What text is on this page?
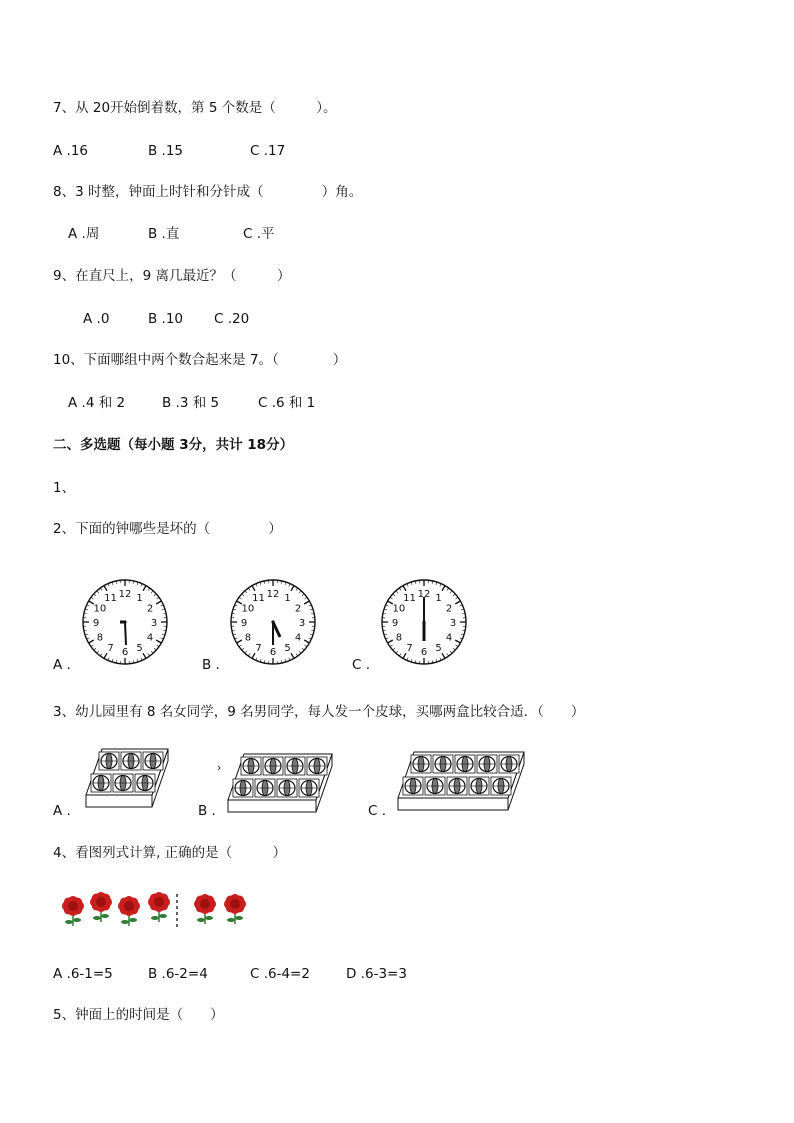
7、从 20开始倒着数，第 5 个数是（　　　）。
A .16	B .15	C .17
8、3 时整，钟面上时针和分针成（　　　　 ）角。
A .周	B .直	C .平
9、在直尺上，9 离几最近？（　　　）
A .0	B .10 C .20
10、下面哪组中两个数合起来是 7。（　　　　）
A .4 和 2	B .3 和 5	C .6 和 1
二、多选题（每小题 3分，共计 18分）
1、
2、下面的钟哪些是坏的（　　　　 ）
12 1
2
3
4
5
6
7
8
9
10
11
A .
12 1
2
3
4
5
6
7
8
9
10
11
B .
12 1
2
3
4
5
6
7
8
9
10
11
C .
3、幼儿园里有 8 名女同学，9 名男同学，每人发一个皮球，买哪两盒比较合适．（　　）
A .
›
B .	C .
4、看图列式计算, 正确的是（　　　）
A .6-1=5	B .6-2=4	C .6-4=2	D .6-3=3
5、钟面上的时间是（　　）
